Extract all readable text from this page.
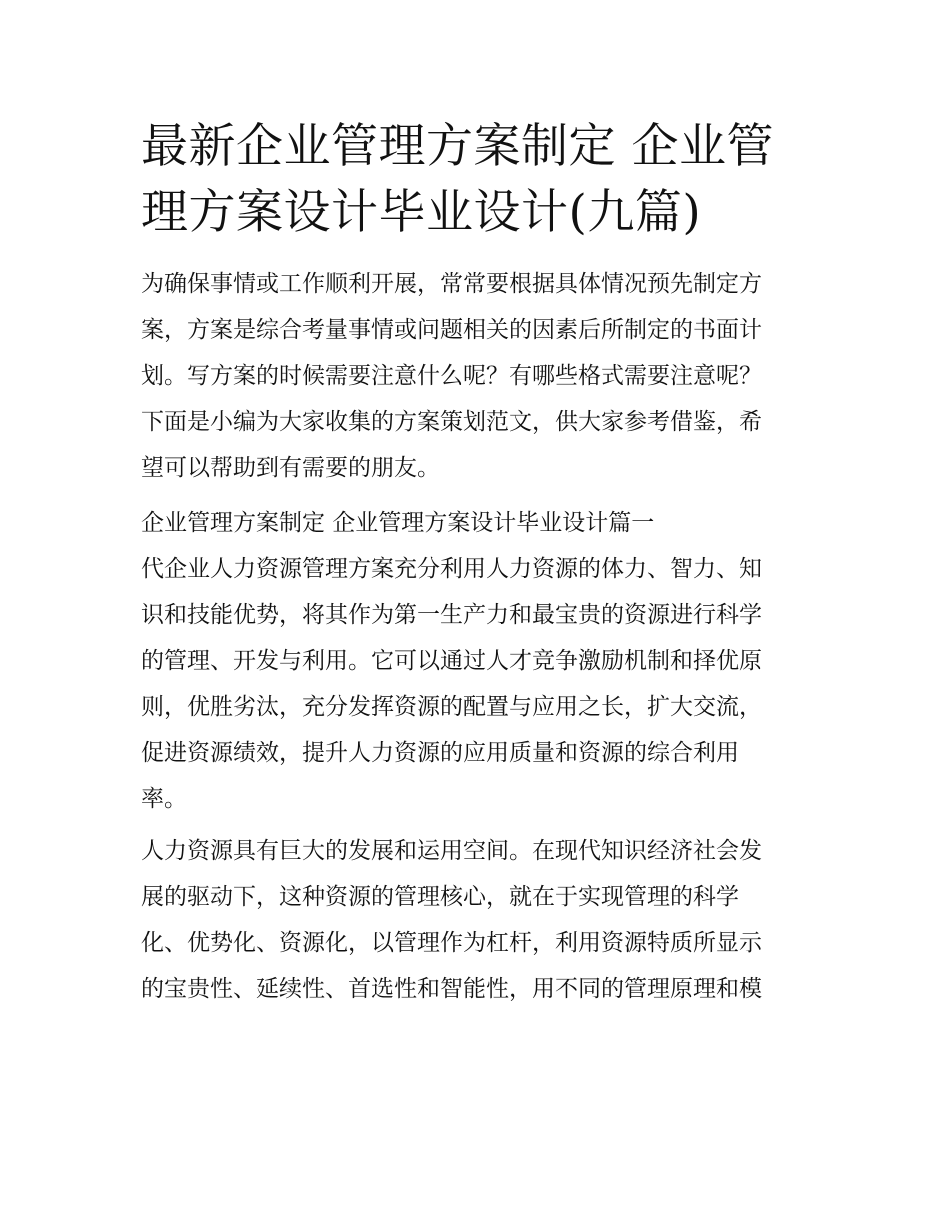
最新企业管理方案制定 企业管
理方案设计毕业设计(九篇)

为确保事情或工作顺利开展，常常要根据具体情况预先制定方
案，方案是综合考量事情或问题相关的因素后所制定的书面计
划。写方案的时候需要注意什么呢？有哪些格式需要注意呢？
下面是小编为大家收集的方案策划范文，供大家参考借鉴，希
望可以帮助到有需要的朋友。

企业管理方案制定 企业管理方案设计毕业设计篇一

代企业人力资源管理方案充分利用人力资源的体力、智力、知
识和技能优势，将其作为第一生产力和最宝贵的资源进行科学
的管理、开发与利用。它可以通过人才竞争激励机制和择优原
则，优胜劣汰，充分发挥资源的配置与应用之长，扩大交流，
促进资源绩效，提升人力资源的应用质量和资源的综合利用
率。

人力资源具有巨大的发展和运用空间。在现代知识经济社会发
展的驱动下，这种资源的管理核心，就在于实现管理的科学
化、优势化、资源化，以管理作为杠杆，利用资源特质所显示
的宝贵性、延续性、首选性和智能性，用不同的管理原理和模
